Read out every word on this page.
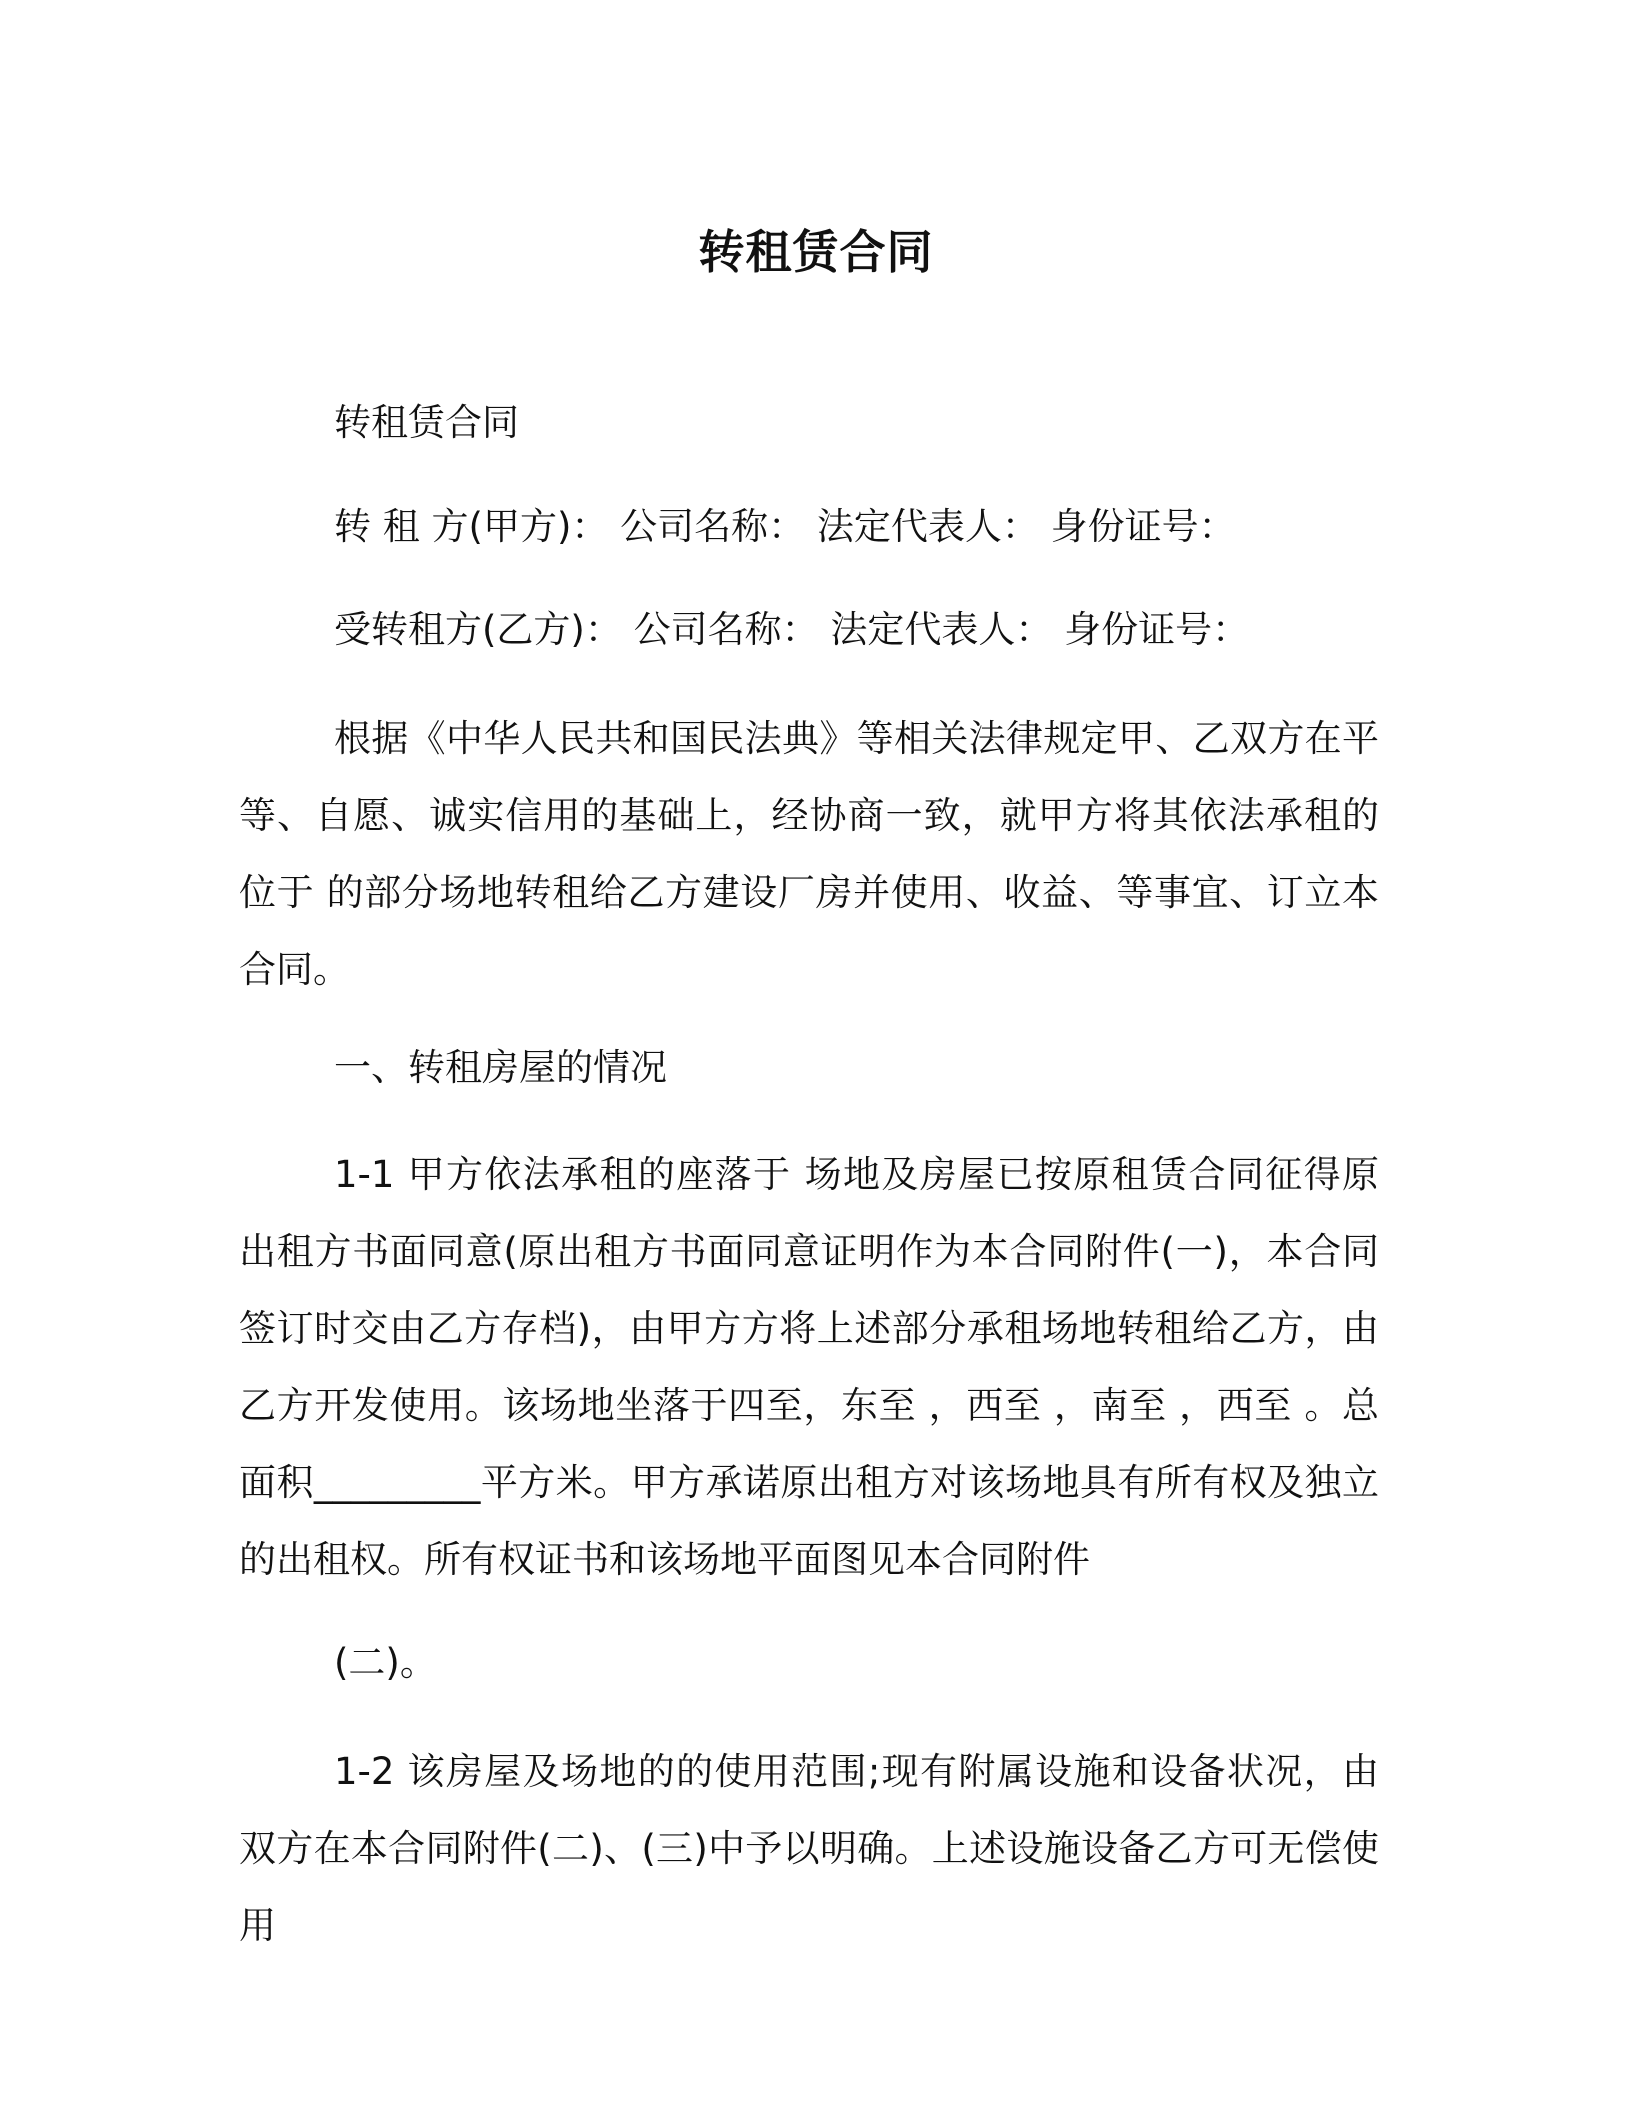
转租赁合同
转租赁合同
转 租 方(甲方)： 公司名称： 法定代表人： 身份证号：
受转租方(乙方)： 公司名称： 法定代表人： 身份证号：
根据《中华人民共和国民法典》等相关法律规定甲、乙双方在平等、自愿、诚实信用的基础上，经协商一致，就甲方将其依法承租的位于 的部分场地转租给乙方建设厂房并使用、收益、等事宜、订立本合同。
一、转租房屋的情况
1-1 甲方依法承租的座落于 场地及房屋已按原租赁合同征得原出租方书面同意(原出租方书面同意证明作为本合同附件(一)，本合同签订时交由乙方存档)，由甲方方将上述部分承租场地转租给乙方，由乙方开发使用。该场地坐落于四至，东至 ，西至 ，南至 ，西至 。总面积_________平方米。甲方承诺原出租方对该场地具有所有权及独立的出租权。所有权证书和该场地平面图见本合同附件
(二)。
1-2 该房屋及场地的的使用范围;现有附属设施和设备状况，由双方在本合同附件(二)、(三)中予以明确。上述设施设备乙方可无偿使用
